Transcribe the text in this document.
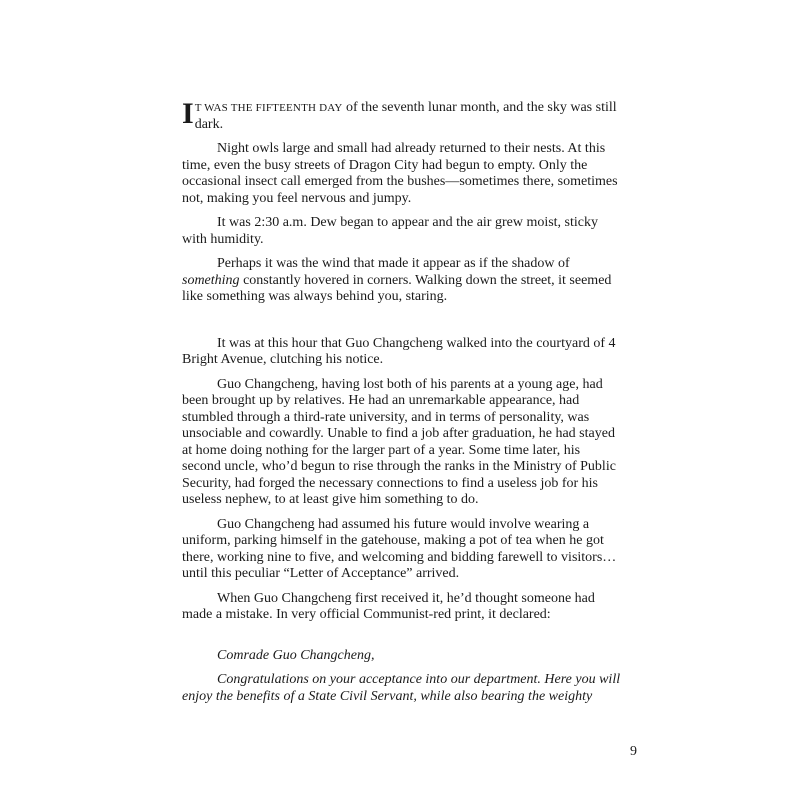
I T WAS THE FIFTEENTH DAY of the seventh lunar month, and the sky was still dark.

Night owls large and small had already returned to their nests. At this time, even the busy streets of Dragon City had begun to empty. Only the occasional insect call emerged from the bushes—sometimes there, sometimes not, making you feel nervous and jumpy.

It was 2:30 a.m. Dew began to appear and the air grew moist, sticky with humidity.

Perhaps it was the wind that made it appear as if the shadow of something constantly hovered in corners. Walking down the street, it seemed like something was always behind you, staring.

It was at this hour that Guo Changcheng walked into the courtyard of 4 Bright Avenue, clutching his notice.

Guo Changcheng, having lost both of his parents at a young age, had been brought up by relatives. He had an unremarkable appearance, had stumbled through a third-rate university, and in terms of personality, was unsociable and cowardly. Unable to find a job after graduation, he had stayed at home doing nothing for the larger part of a year. Some time later, his second uncle, who’d begun to rise through the ranks in the Ministry of Public Security, had forged the necessary connections to find a useless job for his useless nephew, to at least give him something to do.

Guo Changcheng had assumed his future would involve wearing a uniform, parking himself in the gatehouse, making a pot of tea when he got there, working nine to five, and welcoming and bidding farewell to visitors… until this peculiar “Letter of Acceptance” arrived.

When Guo Changcheng first received it, he’d thought someone had made a mistake. In very official Communist-red print, it declared:

Comrade Guo Changcheng,

Congratulations on your acceptance into our department. Here you will enjoy the benefits of a State Civil Servant, while also bearing the weighty

9
